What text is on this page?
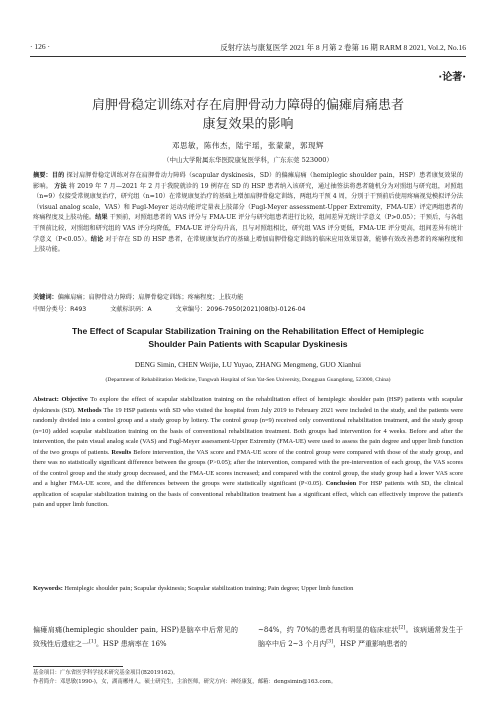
· 126 ·	反射疗法与康复医学 2021 年 8 月第 2 卷第 16 期 RARM 8 2021, Vol.2, No.16
·论著·
肩胛骨稳定训练对存在肩胛骨动力障碍的偏瘫肩痛患者
康复效果的影响
邓思敏，陈伟杰，陆宇瑶，张蒙蒙，郭现辉
（中山大学附属东华医院康复医学科，广东东莞 523000）
摘要：目的 探讨肩胛骨稳定训练对存在肩胛骨动力障碍（scapular dyskinesis，SD）的偏瘫肩痛（hemiplegic shoulder pain，HSP）患者康复效果的影响。 方法 将 2019 年 7 月—2021 年 2 月于我院就诊的 19 例存在 SD 的 HSP 患者纳入该研究，通过抽签法将患者随机分为对照组与研究组，对照组（n=9）仅接受常规康复治疗，研究组（n=10）在常规康复治疗的基础上增加肩胛骨稳定训练，两组均干预 4 周，分别于干预前后使用疼痛视觉模拟评分法（visual analog scale，VAS）和 Fugl-Meyer 运动功能评定量表上肢部分（Fugl-Meyer assessment-Upper Extremity，FMA-UE）评定两组患者的疼痛程度及上肢功能。结果 干预前，对照组患者的 VAS 评分与 FMA-UE 评分与研究组患者进行比较，组间差异无统计学意义（P>0.05）；干预后，与各组干预前比较，对照组和研究组的 VAS 评分均降低，FMA-UE 评分均升高，且与对照组相比，研究组 VAS 评分更低，FMA-UE 评分更高，组间差异有统计学意义（P<0.05）。结论 对于存在 SD 的 HSP 患者，在常规康复治疗的基础上增加肩胛骨稳定训练的临床应用效果显著，能够有效改善患者的疼痛程度和上肢功能。
关键词：偏瘫肩痛；肩胛骨动力障碍；肩胛骨稳定训练；疼痛程度；上肢功能
中图分类号：R493	文献标识码：A	文章编号：2096-7950(2021)08(b)-0126-04
The Effect of Scapular Stabilization Training on the Rehabilitation Effect of Hemiplegic
Shoulder Pain Patients with Scapular Dyskinesis
DENG Simin, CHEN Weijie, LU Yuyao, ZHANG Mengmeng, GUO Xianhui
(Department of Rehabilitation Medicine, Tungwah Hospital of Sun Yat-Sen University, Dongguan Guangdong, 523000, China)
Abstract: Objective To explore the effect of scapular stabilization training on the rehabilitation effect of hemiplegic shoulder pain (HSP) patients with scapular dyskinesis (SD). Methods The 19 HSP patients with SD who visited the hospital from July 2019 to February 2021 were included in the study, and the patients were randomly divided into a control group and a study group by lottery. The control group (n=9) received only conventional rehabilitation treatment, and the study group (n=10) added scapular stabilization training on the basis of conventional rehabilitation treatment. Both groups had intervention for 4 weeks. Before and after the intervention, the pain visual analog scale (VAS) and Fugl-Meyer assessment-Upper Extremity (FMA-UE) were used to assess the pain degree and upper limb function of the two groups of patients. Results Before intervention, the VAS score and FMA-UE score of the control group were compared with those of the study group, and there was no statistically significant difference between the groups (P>0.05); after the intervention, compared with the pre-intervention of each group, the VAS scores of the control group and the study group decreased, and the FMA-UE scores increased; and compared with the control group, the study group had a lower VAS score and a higher FMA-UE score, and the differences between the groups were statistically significant (P<0.05). Conclusion For HSP patients with SD, the clinical application of scapular stabilization training on the basis of conventional rehabilitation treatment has a significant effect, which can effectively improve the patient's pain and upper limb function.
Keywords: Hemiplegic shoulder pain; Scapular dyskinesis; Scapular stabilization training; Pain degree; Upper limb function
偏瘫肩痛(hemiplegic shoulder pain, HSP)是脑卒中后常见的致残性后遗症之一[1]。HSP 患病率在 16%
~84%，约 70%的患者具有明显的临床症状[2]。该病通常发生于脑卒中后 2~3 个月内[3]，HSP 严重影响患者的
基金项目：广东省医学科学技术研究基金项目(B2019162)。
作者简介：邓思敏(1990-)，女，湖南郴州人，硕士研究生，主治医师，研究方向：神经康复，邮箱：dengsimin@163.com。
